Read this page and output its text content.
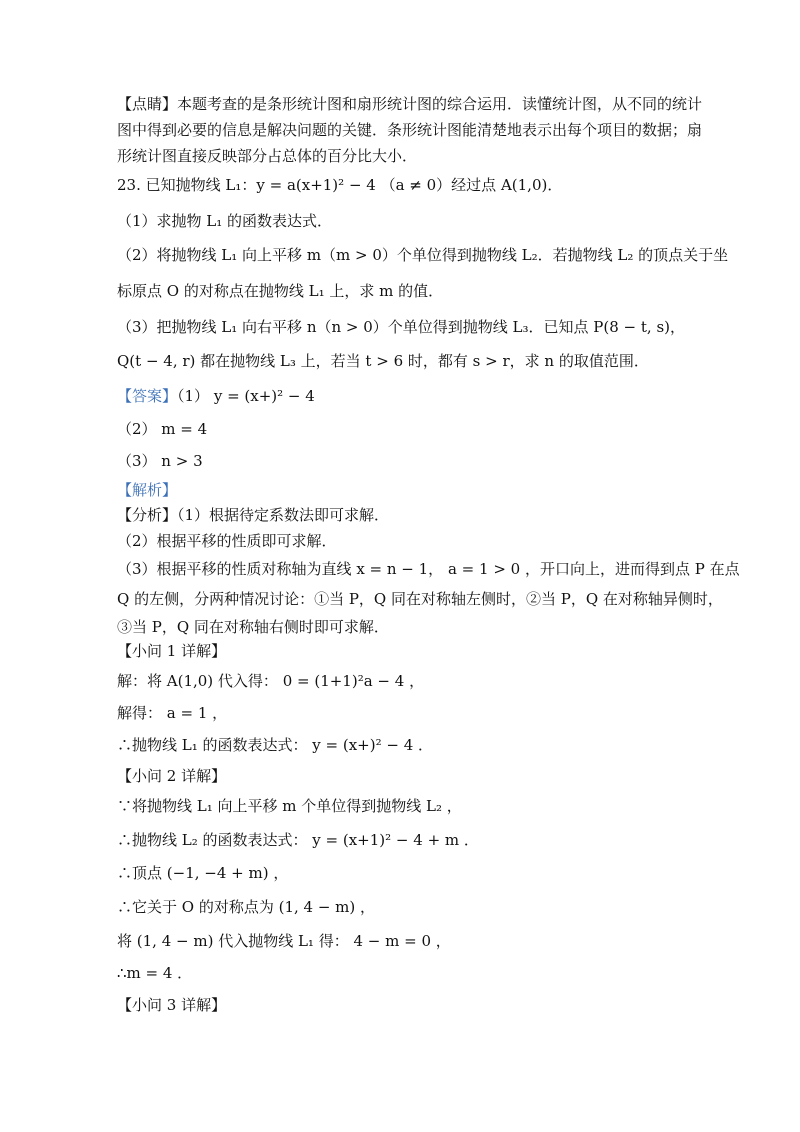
【点睛】本题考查的是条形统计图和扇形统计图的综合运用．读懂统计图，从不同的统计
图中得到必要的信息是解决问题的关键．条形统计图能清楚地表示出每个项目的数据；扇
形统计图直接反映部分占总体的百分比大小．
23. 已知抛物线 L₁：y = a(x+1)² − 4 （a ≠ 0）经过点 A(1,0)．
（1）求抛物 L₁ 的函数表达式．
（2）将抛物线 L₁ 向上平移 m（m > 0）个单位得到抛物线 L₂．若抛物线 L₂ 的顶点关于坐
标原点 O 的对称点在抛物线 L₁ 上，求 m 的值．
（3）把抛物线 L₁ 向右平移 n（n > 0）个单位得到抛物线 L₃．已知点 P(8 − t, s)，
Q(t − 4, r) 都在抛物线 L₃ 上，若当 t > 6 时，都有 s > r，求 n 的取值范围．
【答案】（1） y = (x+)² − 4
（2） m = 4
（3） n > 3
【解析】
【分析】（1）根据待定系数法即可求解．
（2）根据平移的性质即可求解．
（3）根据平移的性质对称轴为直线 x = n − 1， a = 1 > 0 ，开口向上，进而得到点 P 在点
Q 的左侧，分两种情况讨论：①当 P，Q 同在对称轴左侧时，②当 P，Q 在对称轴异侧时，
③当 P，Q 同在对称轴右侧时即可求解．
【小问 1 详解】
解：将 A(1,0) 代入得： 0 = (1+1)²a − 4 ，
解得： a = 1 ，
∴抛物线 L₁ 的函数表达式： y = (x+)² − 4 ．
【小问 2 详解】
∵将抛物线 L₁ 向上平移 m 个单位得到抛物线 L₂ ，
∴抛物线 L₂ 的函数表达式： y = (x+1)² − 4 + m ．
∴顶点 (−1, −4 + m) ，
∴它关于 O 的对称点为 (1, 4 − m) ，
将 (1, 4 − m) 代入抛物线 L₁ 得： 4 − m = 0 ，
∴m = 4 ．
【小问 3 详解】
